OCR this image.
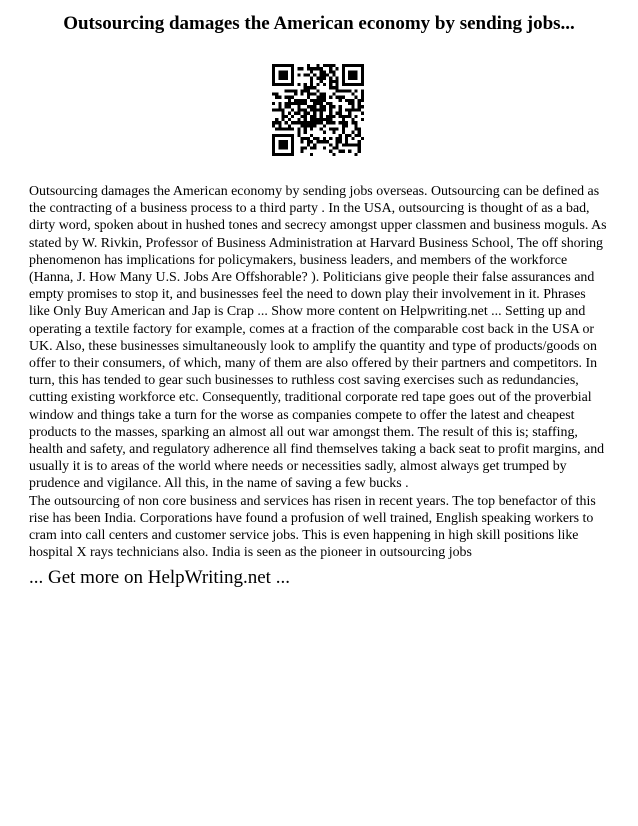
Outsourcing damages the American economy by sending jobs...

Outsourcing damages the American economy by sending jobs overseas. Outsourcing can be defined as the contracting of a business process to a third party . In the USA, outsourcing is thought of as a bad, dirty word, spoken about in hushed tones and secrecy amongst upper classmen and business moguls. As stated by W. Rivkin, Professor of Business Administration at Harvard Business School, The off shoring phenomenon has implications for policymakers, business leaders, and members of the workforce (Hanna, J. How Many U.S. Jobs Are Offshorable? ). Politicians give people their false assurances and empty promises to stop it, and businesses feel the need to down play their involvement in it. Phrases like Only Buy American and Jap is Crap ... Show more content on Helpwriting.net ... Setting up and operating a textile factory for example, comes at a fraction of the comparable cost back in the USA or UK. Also, these businesses simultaneously look to amplify the quantity and type of products/goods on offer to their consumers, of which, many of them are also offered by their partners and competitors. In turn, this has tended to gear such businesses to ruthless cost saving exercises such as redundancies, cutting existing workforce etc. Consequently, traditional corporate red tape goes out of the proverbial window and things take a turn for the worse as companies compete to offer the latest and cheapest products to the masses, sparking an almost all out war amongst them. The result of this is; staffing, health and safety, and regulatory adherence all find themselves taking a back seat to profit margins, and usually it is to areas of the world where needs or necessities sadly, almost always get trumped by prudence and vigilance. All this, in the name of saving a few bucks .

The outsourcing of non core business and services has risen in recent years. The top benefactor of this rise has been India. Corporations have found a profusion of well trained, English speaking workers to cram into call centers and customer service jobs. This is even happening in high skill positions like hospital X rays technicians also. India is seen as the pioneer in outsourcing jobs

... Get more on HelpWriting.net ...
